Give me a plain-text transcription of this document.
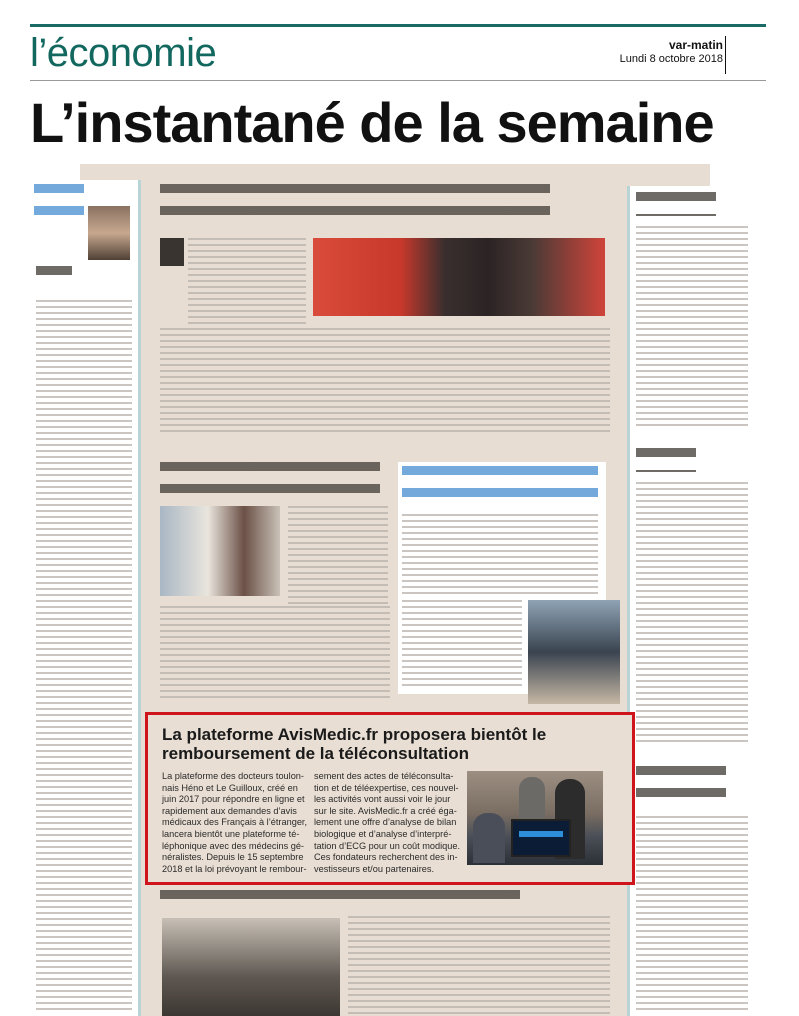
l’économie	var-matin
Lundi 8 octobre 2018
L’instantané de la semaine
La plateforme AvisMedic.fr proposera bientôt le remboursement de la téléconsultation
La plateforme des docteurs toulon-nais Héno et Le Guilloux, créé en juin 2017 pour répondre en ligne et rapidement aux demandes d’avis médicaux des Français à l’étranger, lancera bientôt une plateforme té-léphonique avec des médecins gé-néralistes. Depuis le 15 septembre 2018 et la loi prévoyant le rembour-
sement des actes de téléconsulta-tion et de téléexpertise, ces nouvel-les activités vont aussi voir le jour sur le site. AvisMedic.fr a créé éga-lement une offre d’analyse de bilan biologique et d’analyse d’interpré-tation d’ECG pour un coût modique. Ces fondateurs recherchent des in-vestisseurs et/ou partenaires.
